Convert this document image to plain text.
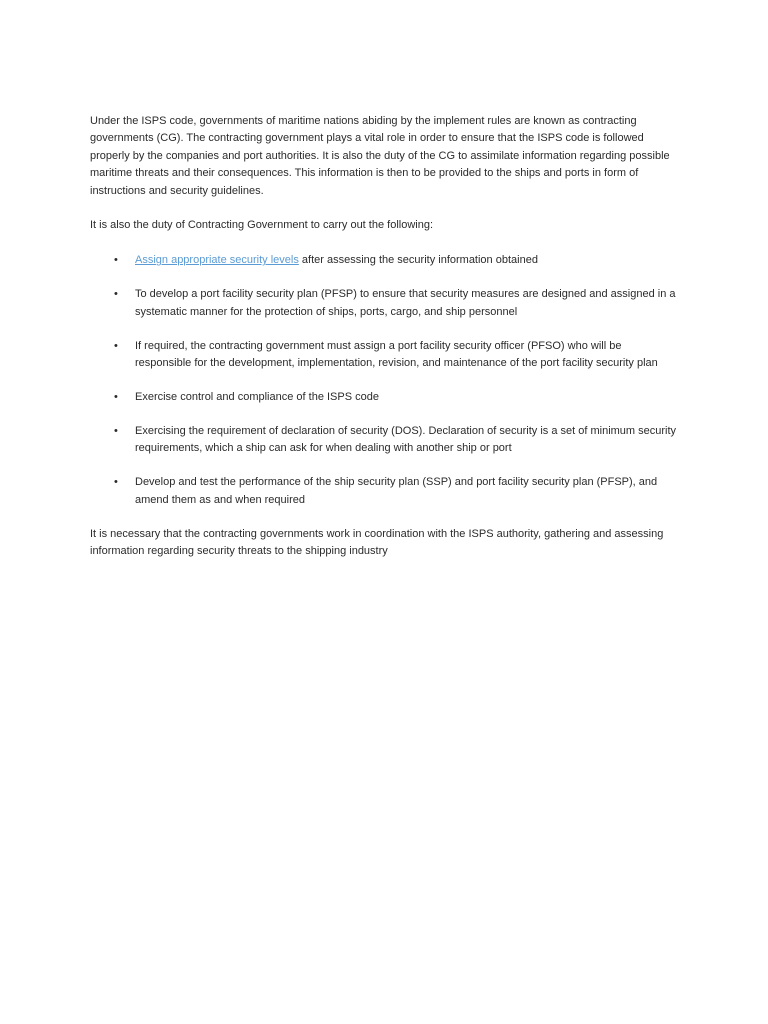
Under the ISPS code, governments of maritime nations abiding by the implement rules are known as contracting governments (CG). The contracting government plays a vital role in order to ensure that the ISPS code is followed properly by the companies and port authorities. It is also the duty of the CG to assimilate information regarding possible maritime threats and their consequences. This information is then to be provided to the ships and ports in form of instructions and security guidelines.

It is also the duty of Contracting Government to carry out the following:

• Assign appropriate security levels after assessing the security information obtained
• To develop a port facility security plan (PFSP) to ensure that security measures are designed and assigned in a systematic manner for the protection of ships, ports, cargo, and ship personnel
• If required, the contracting government must assign a port facility security officer (PFSO) who will be responsible for the development, implementation, revision, and maintenance of the port facility security plan
• Exercise control and compliance of the ISPS code
• Exercising the requirement of declaration of security (DOS). Declaration of security is a set of minimum security requirements, which a ship can ask for when dealing with another ship or port
• Develop and test the performance of the ship security plan (SSP) and port facility security plan (PFSP), and amend them as and when required

It is necessary that the contracting governments work in coordination with the ISPS authority, gathering and assessing information regarding security threats to the shipping industry
